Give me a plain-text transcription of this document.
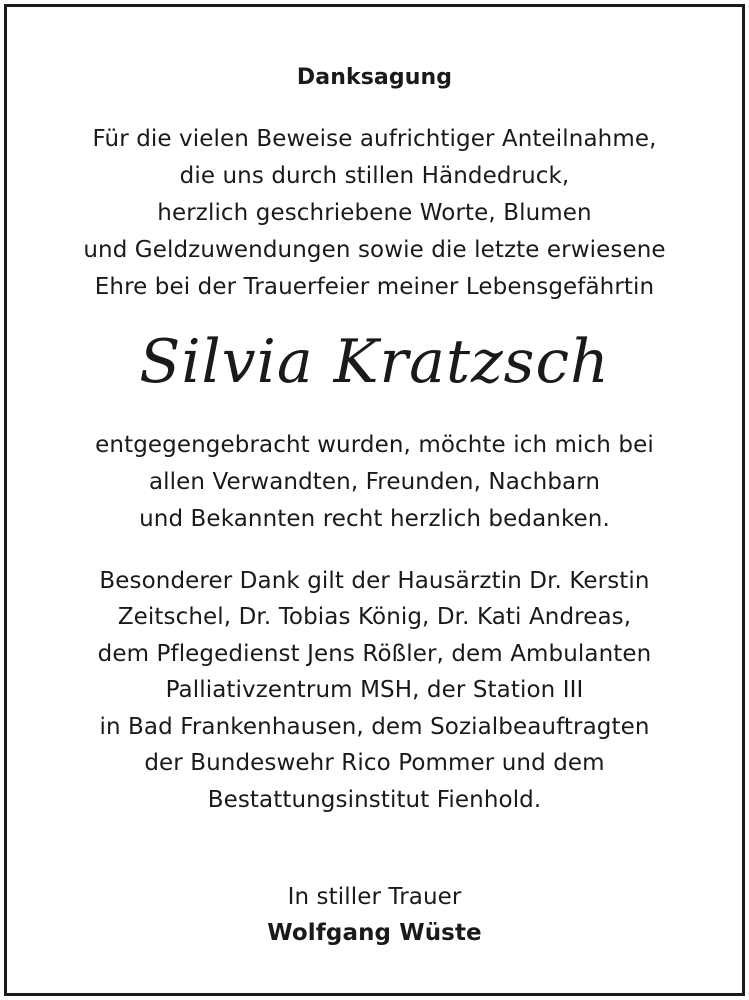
Danksagung
Für die vielen Beweise aufrichtiger Anteilnahme,
die uns durch stillen Händedruck,
herzlich geschriebene Worte, Blumen
und Geldzuwendungen sowie die letzte erwiesene
Ehre bei der Trauerfeier meiner Lebensgefährtin
Silvia Kratzsch
entgegengebracht wurden, möchte ich mich bei
allen Verwandten, Freunden, Nachbarn
und Bekannten recht herzlich bedanken.
Besonderer Dank gilt der Hausärztin Dr. Kerstin
Zeitschel, Dr. Tobias König, Dr. Kati Andreas,
dem Pflegedienst Jens Rößler, dem Ambulanten
Palliativzentrum MSH, der Station III
in Bad Frankenhausen, dem Sozialbeauftragten
der Bundeswehr Rico Pommer und dem
Bestattungsinstitut Fienhold.
In stiller Trauer
Wolfgang Wüste
